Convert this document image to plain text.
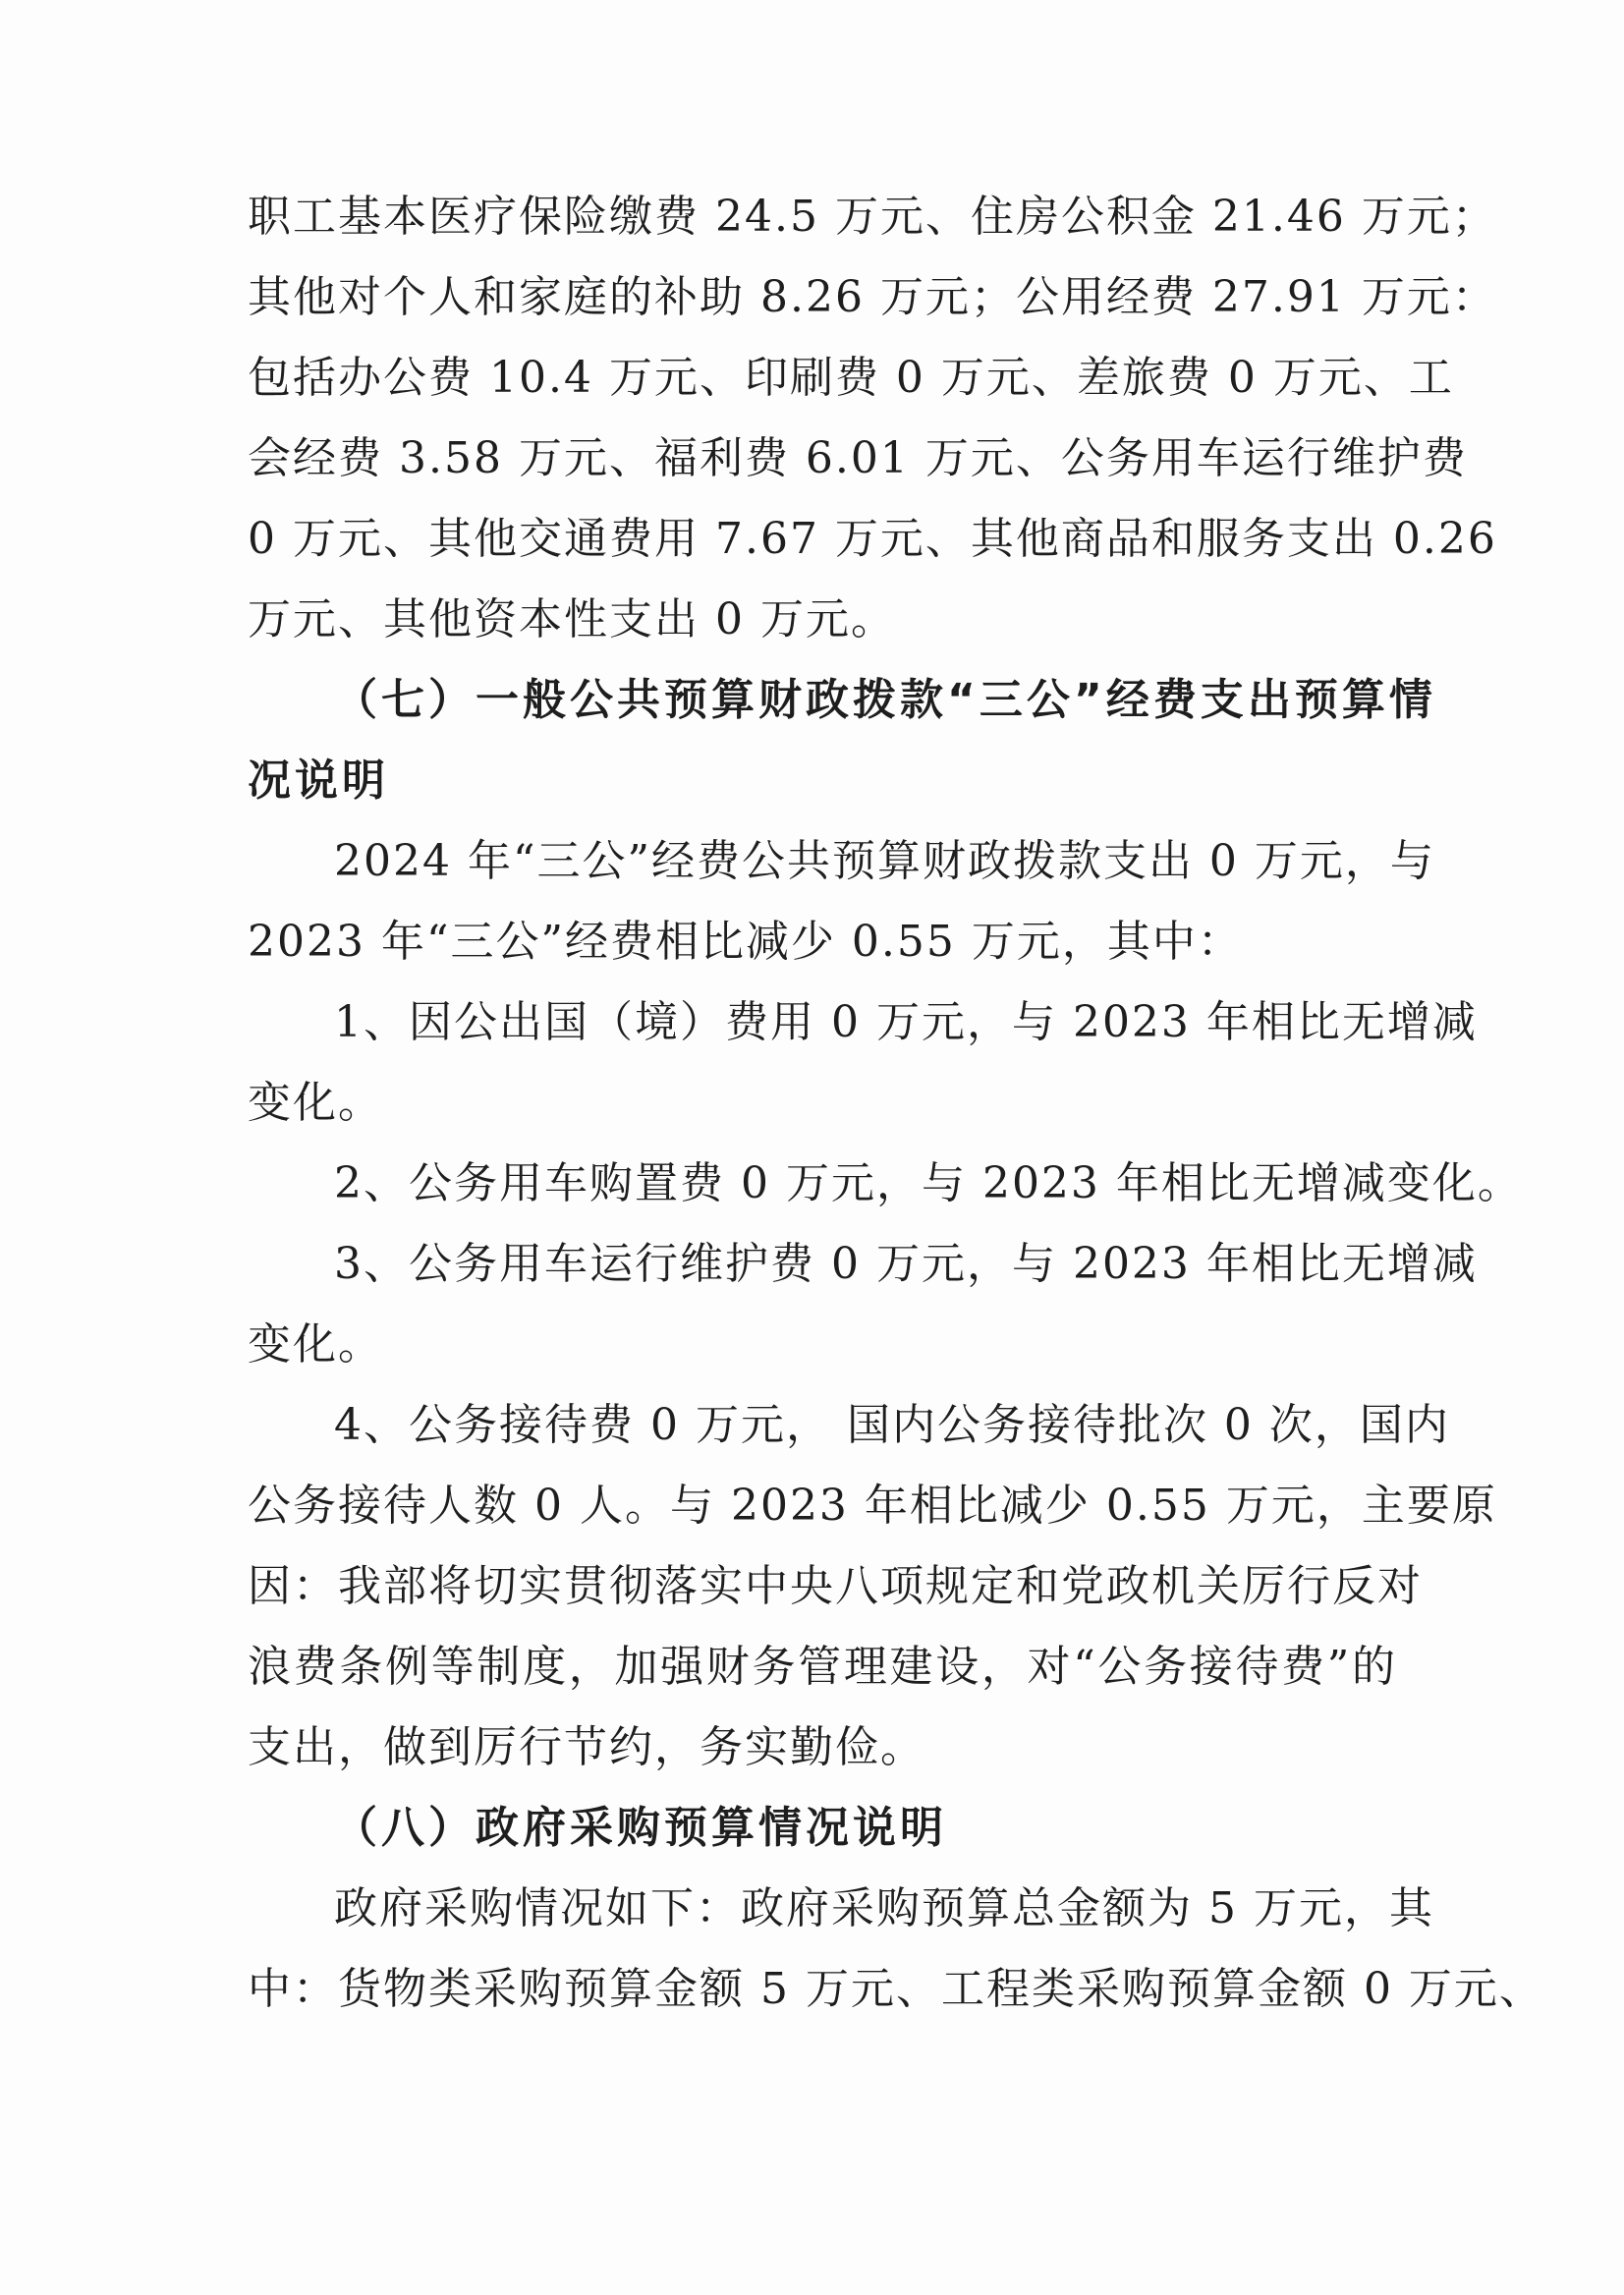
职工基本医疗保险缴费 24.5 万元、住房公积金 21.46 万元；
其他对个人和家庭的补助 8.26 万元；公用经费 27.91 万元：
包括办公费 10.4 万元、印刷费 0 万元、差旅费 0 万元、工
会经费 3.58 万元、福利费 6.01 万元、公务用车运行维护费
0 万元、其他交通费用 7.67 万元、其他商品和服务支出 0.26
万元、其他资本性支出 0 万元。
（七）一般公共预算财政拨款“三公”经费支出预算情
况说明
2024 年“三公”经费公共预算财政拨款支出 0 万元，与
2023 年“三公”经费相比减少 0.55 万元，其中：
1、因公出国（境）费用 0 万元，与 2023 年相比无增减
变化。
2、公务用车购置费 0 万元，与 2023 年相比无增减变化。
3、公务用车运行维护费 0 万元，与 2023 年相比无增减
变化。
4、公务接待费 0 万元， 国内公务接待批次 0 次，国内
公务接待人数 0 人。与 2023 年相比减少 0.55 万元，主要原
因：我部将切实贯彻落实中央八项规定和党政机关厉行反对
浪费条例等制度，加强财务管理建设，对“公务接待费”的
支出，做到厉行节约，务实勤俭。
（八）政府采购预算情况说明
政府采购情况如下：政府采购预算总金额为 5 万元，其
中：货物类采购预算金额 5 万元、工程类采购预算金额 0 万元、
